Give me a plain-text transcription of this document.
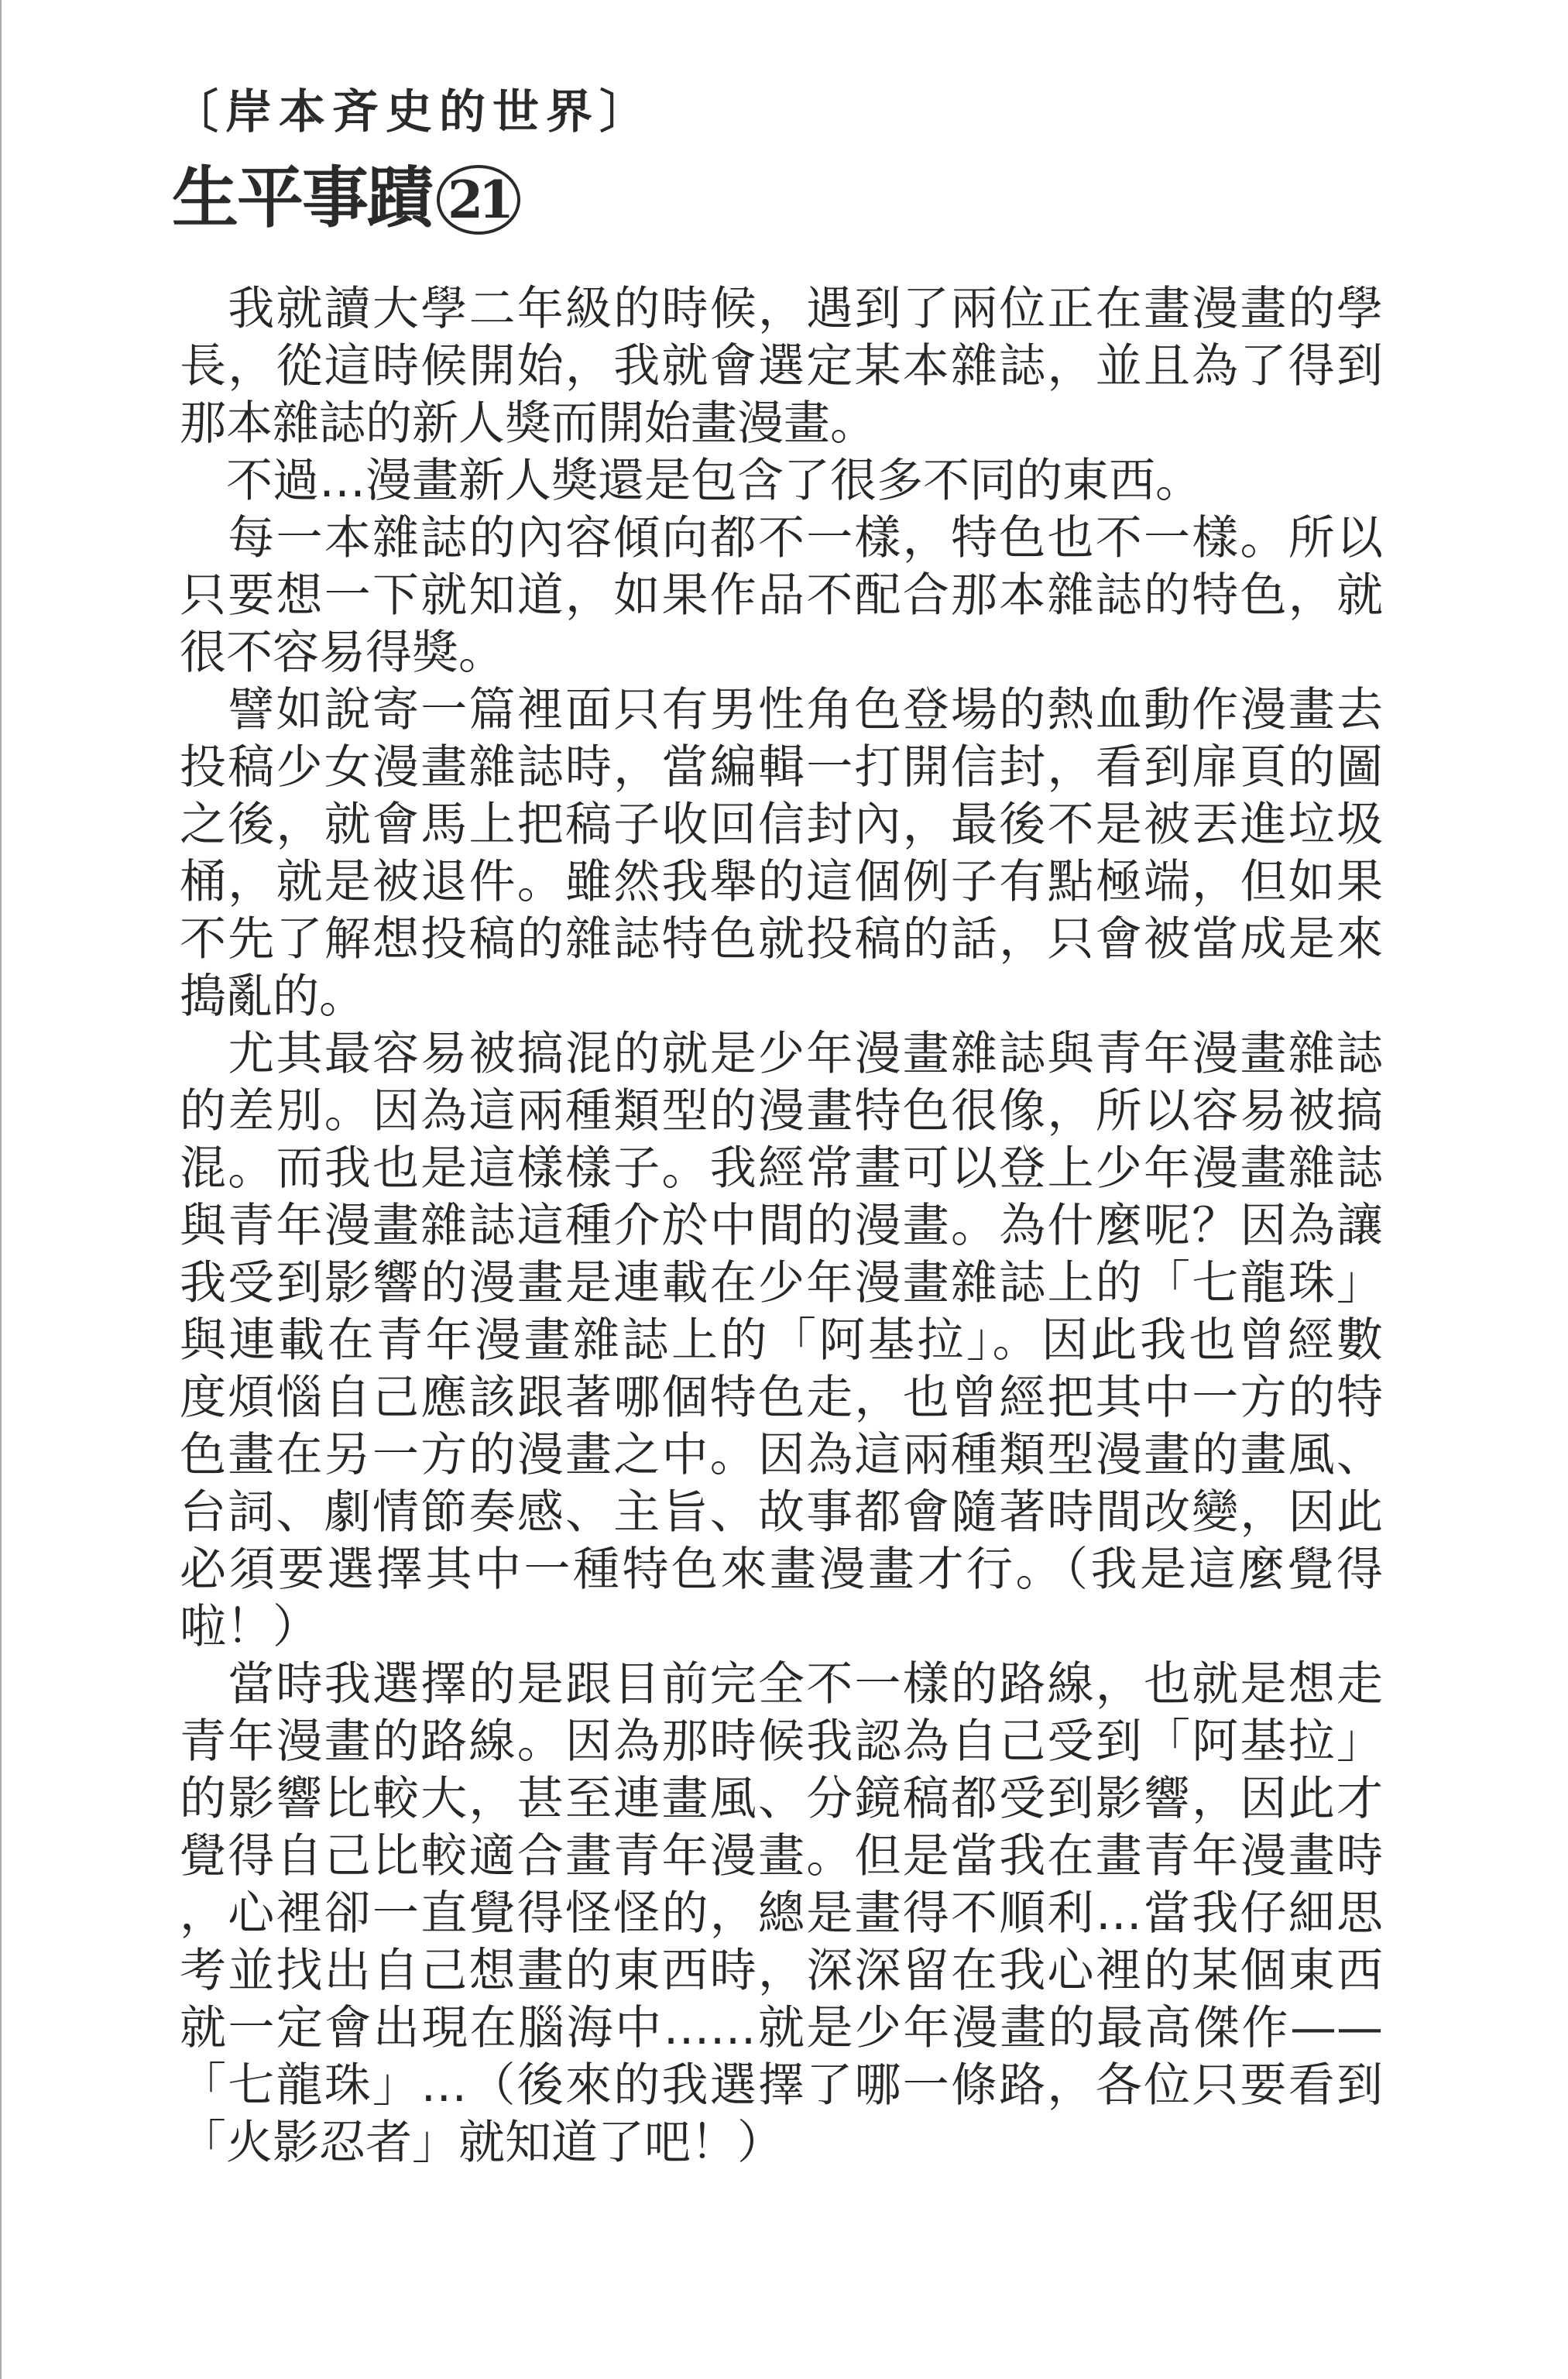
〔岸本斉史的世界〕
生平事蹟 21
　我就讀大學二年級的時候，遇到了兩位正在畫漫畫的學
長，從這時候開始，我就會選定某本雜誌，並且為了得到
那本雜誌的新人獎而開始畫漫畫。
　不過…漫畫新人獎還是包含了很多不同的東西。
　每一本雜誌的內容傾向都不一樣，特色也不一樣。所以
只要想一下就知道，如果作品不配合那本雜誌的特色，就
很不容易得獎。
　譬如說寄一篇裡面只有男性角色登場的熱血動作漫畫去
投稿少女漫畫雜誌時，當編輯一打開信封，看到扉頁的圖
之後，就會馬上把稿子收回信封內，最後不是被丟進垃圾
桶，就是被退件。雖然我舉的這個例子有點極端，但如果
不先了解想投稿的雜誌特色就投稿的話，只會被當成是來
搗亂的。
　尤其最容易被搞混的就是少年漫畫雜誌與青年漫畫雜誌
的差別。因為這兩種類型的漫畫特色很像，所以容易被搞
混。而我也是這樣樣子。我經常畫可以登上少年漫畫雜誌
與青年漫畫雜誌這種介於中間的漫畫。為什麼呢？因為讓
我受到影響的漫畫是連載在少年漫畫雜誌上的「七龍珠」
與連載在青年漫畫雜誌上的「阿基拉」。因此我也曾經數
度煩惱自己應該跟著哪個特色走，也曾經把其中一方的特
色畫在另一方的漫畫之中。因為這兩種類型漫畫的畫風、
台詞、劇情節奏感、主旨、故事都會隨著時間改變，因此
必須要選擇其中一種特色來畫漫畫才行。（我是這麼覺得
啦！）
　當時我選擇的是跟目前完全不一樣的路線，也就是想走
青年漫畫的路線。因為那時候我認為自己受到「阿基拉」
的影響比較大，甚至連畫風、分鏡稿都受到影響，因此才
覺得自己比較適合畫青年漫畫。但是當我在畫青年漫畫時
，心裡卻一直覺得怪怪的，總是畫得不順利…當我仔細思
考並找出自己想畫的東西時，深深留在我心裡的某個東西
就一定會出現在腦海中……就是少年漫畫的最高傑作——
「七龍珠」…（後來的我選擇了哪一條路，各位只要看到
「火影忍者」就知道了吧！）
